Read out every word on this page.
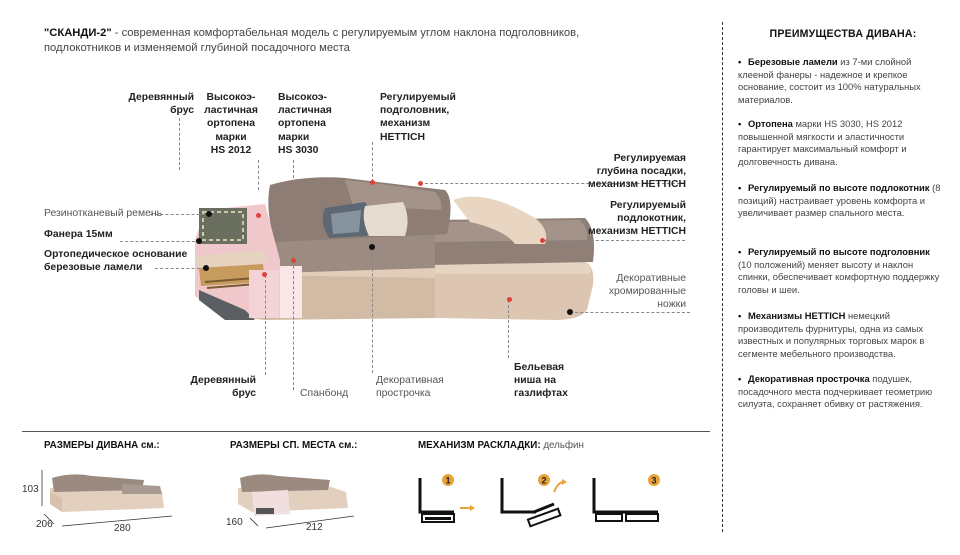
"СКАНДИ-2" - современная комфортабельная модель с регулируемым углом наклона подголовников, подлокотников и изменяемой глубиной посадочного места
Деревянный
брус
Высокоэ-
ластичная
ортопена
марки
HS 2012
Высокоэ-
ластичная
ортопена
марки
HS 3030
Регулируемый
подголовник,
механизм
HETTICH
Регулируемая
глубина посадки,
механизм HETTICH
Регулируемый
подлокотник,
механизм HETTICH
Резинотканевый ремень
Фанера 15мм
Ортопедическое основание
березовые ламели
Декоративные
хромированные
ножки
Деревянный
брус	Спанбонд
Декоративная
прострочка
Бельевая
ниша на
газлифтах
ПРЕИМУЩЕСТВА ДИВАНА:
• Березовые ламели из 7-ми слойной клееной фанеры - надежное и крепкое основание, состоит из 100% натуральных материалов.
• Ортопена марки HS 3030, HS 2012 повышенной мягкости и эластичности гарантирует максимальный комфорт и долговечность дивана.
• Регулируемый по высоте подлокотник (8 позиций) настраивает уровень комфорта и увеличивает размер спального места.
• Регулируемый по высоте подголовник (10 положений) меняет высоту и наклон спинки, обеспечивает комфортную поддержку головы и шеи.
• Механизмы HETTICH немецкий производитель фурнитуры, одна из самых известных и популярных торговых марок в сегменте мебельного производства.
• Декоративная прострочка подушек, посадочного места подчеркивает геометрию силуэта, сохраняет обивку от растяжения.
РАЗМЕРЫ ДИВАНА см.:	РАЗМЕРЫ СП. МЕСТА см.:	МЕХАНИЗМ РАСКЛАДКИ: дельфин
103
206	280
160	212
1	2	3
